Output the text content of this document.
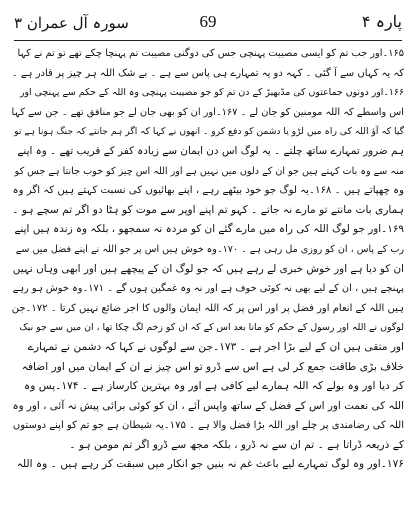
سورہ آل عمران ۳	69	پارہ ۴
۱۶۵۔اور جب تم کو ایسی مصیبت پہنچی جس کی دوگنی مصیبت تم پہنچا چکے تھے تو تم نے کہا
کہ یہ کہاں سے آ گئی ۔ کہہ دو یہ تمہارے ہی پاس سے ہے ۔ بے شک اللہ ہر چیز پر قادر ہے ۔
۱۶۶۔اور دونوں جماعتوں کی مڈبھیڑ کے دن تم کو جو مصیبت پہنچی وہ اللہ کے حکم سے پہنچی اور
اس واسطے کہ اللہ مومنین کو جان لے ۔ ۱۶۷۔اور ان کو بھی جان لے جو منافق تھے ۔ جن سے کہا
گیا کہ آؤ اللہ کی راہ میں لڑو یا دشمن کو دفع کرو ۔ انھوں نے کہا کہ اگر ہم جانتے کہ جنگ ہونا ہے تو
ہم ضرور تمہارے ساتھ چلتے ۔ یہ لوگ اس دن ایمان سے زیادہ کفر کے قریب تھے ۔ وہ اپنے
منہ سے وہ بات کہتے ہیں جو ان کے دلوں میں نہیں ہے اور اللہ اس چیز کو خوب جانتا ہے جس کو
وہ چھپاتے ہیں ۔ ۱۶۸۔یہ لوگ جو خود بیٹھے رہے ، اپنے بھائیوں کی نسبت کہتے ہیں کہ اگر وہ
ہماری بات مانتے تو مارے نہ جاتے ۔ کہو تم اپنے اوپر سے موت کو ہٹا دو اگر تم سچے ہو ۔
۱۶۹۔اور جو لوگ اللہ کی راہ میں مارے گئے ان کو مردہ نہ سمجھو ، بلکہ وہ زندہ ہیں اپنے
رب کے پاس ، ان کو روزی مل رہی ہے ۔ ۱۷۰۔وہ خوش ہیں اس پر جو اللہ نے اپنے فضل میں سے
ان کو دیا ہے اور خوش خبری لے رہے ہیں کہ جو لوگ ان کے پیچھے ہیں اور ابھی وہاں نہیں
پہنچے ہیں ، ان کے لیے بھی نہ کوئی خوف ہے اور نہ وہ غمگین ہوں گے ۔ ۱۷۱۔وہ خوش ہو رہے
ہیں اللہ کے انعام اور فضل پر اور اس پر کہ اللہ ایمان والوں کا اجر ضائع نہیں کرتا ۔ ۱۷۲۔جن
لوگوں نے اللہ اور رسول کے حکم کو مانا بعد اس کے کہ ان کو زخم لگ چکا تھا ، ان میں سے جو نیک
اور متقی ہیں ان کے لیے بڑا اجر ہے ۔ ۱۷۳۔جن سے لوگوں نے کہا کہ دشمن نے تمہارے
خلاف بڑی طاقت جمع کر لی ہے اس سے ڈرو تو اس چیز نے ان کے ایمان میں اور اضافہ
کر دیا اور وہ بولے کہ اللہ ہمارے لیے کافی ہے اور وہ بہترین کارساز ہے ۔ ۱۷۴۔پس وہ
اللہ کی نعمت اور اس کے فضل کے ساتھ واپس آئے ، ان کو کوئی برائی پیش نہ آئی ، اور وہ
اللہ کی رضامندی پر چلے اور اللہ بڑا فضل والا ہے ۔ ۱۷۵۔یہ شیطان ہے جو تم کو اپنے دوستوں
کے ذریعہ ڈراتا ہے ۔ تم ان سے نہ ڈرو ، بلکہ مجھ سے ڈرو اگر تم مومن ہو ۔
۱۷۶۔اور وہ لوگ تمہارے لیے باعث غم نہ بنیں جو انکار میں سبقت کر رہے ہیں ۔ وہ اللہ
